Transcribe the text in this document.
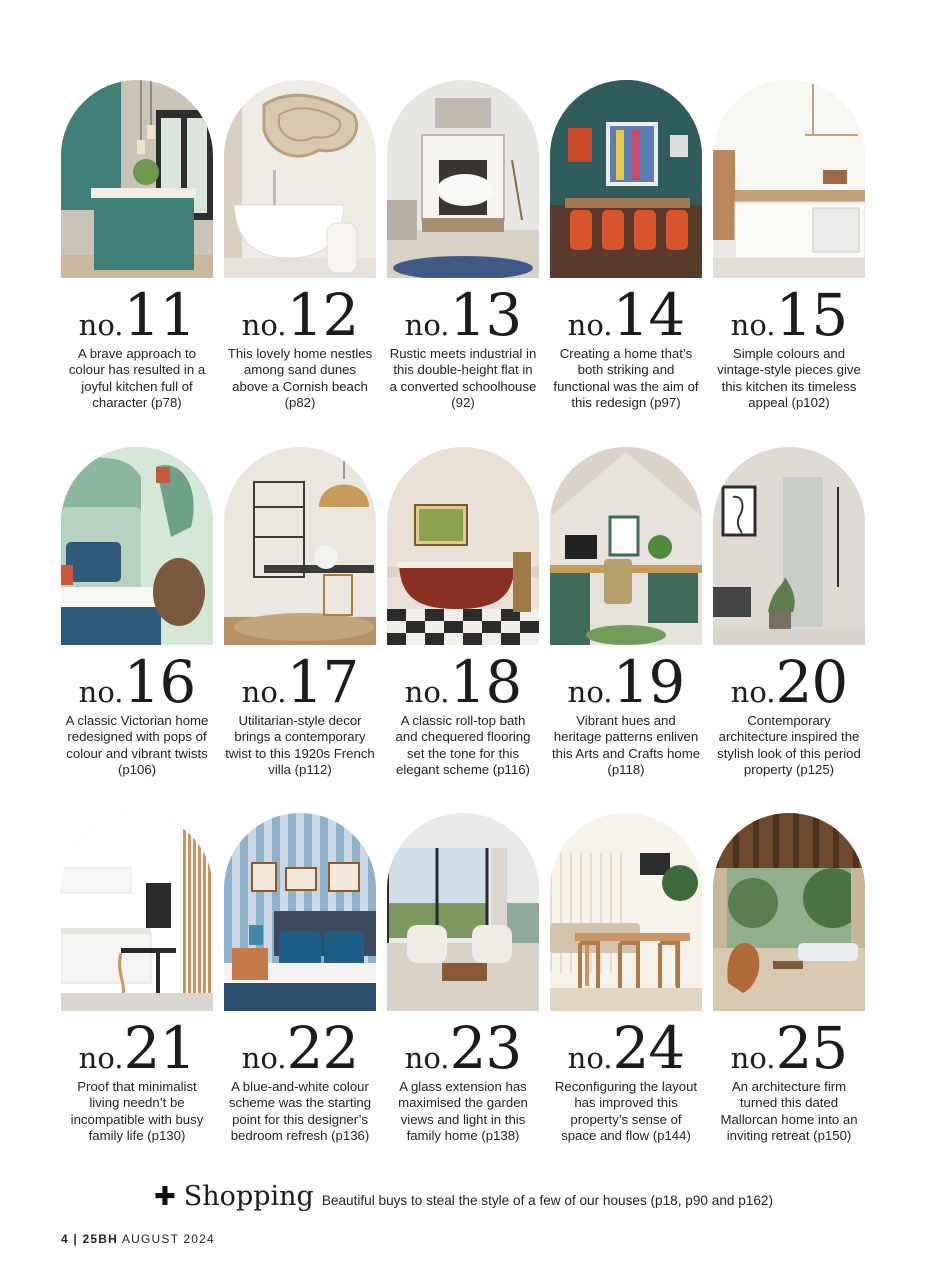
no.11
A brave approach to colour has resulted in a joyful kitchen full of character (p78)
no.12
This lovely home nestles among sand dunes above a Cornish beach (p82)
no.13
Rustic meets industrial in this double-height flat in a converted schoolhouse (92)
no.14
Creating a home that’s both striking and functional was the aim of this redesign (p97)
no.15
Simple colours and vintage-style pieces give this kitchen its timeless appeal (p102)
no.16
A classic Victorian home redesigned with pops of colour and vibrant twists (p106)
no.17
Utilitarian-style decor brings a contemporary twist to this 1920s French villa (p112)
no.18
A classic roll-top bath and chequered flooring set the tone for this elegant scheme (p116)
no.19
Vibrant hues and heritage patterns enliven this Arts and Crafts home (p118)
no.20
Contemporary architecture inspired the stylish look of this period property (p125)
no.21
Proof that minimalist living needn’t be incompatible with busy family life (p130)
no.22
A blue-and-white colour scheme was the starting point for this designer’s bedroom refresh (p136)
no.23
A glass extension has maximised the garden views and light in this family home (p138)
no.24
Reconfiguring the layout has improved this property’s sense of space and flow (p144)
no.25
An architecture firm turned this dated Mallorcan home into an inviting retreat (p150)
✚ Shopping Beautiful buys to steal the style of a few of our houses (p18, p90 and p162)
4 | 25BH AUGUST 2024
